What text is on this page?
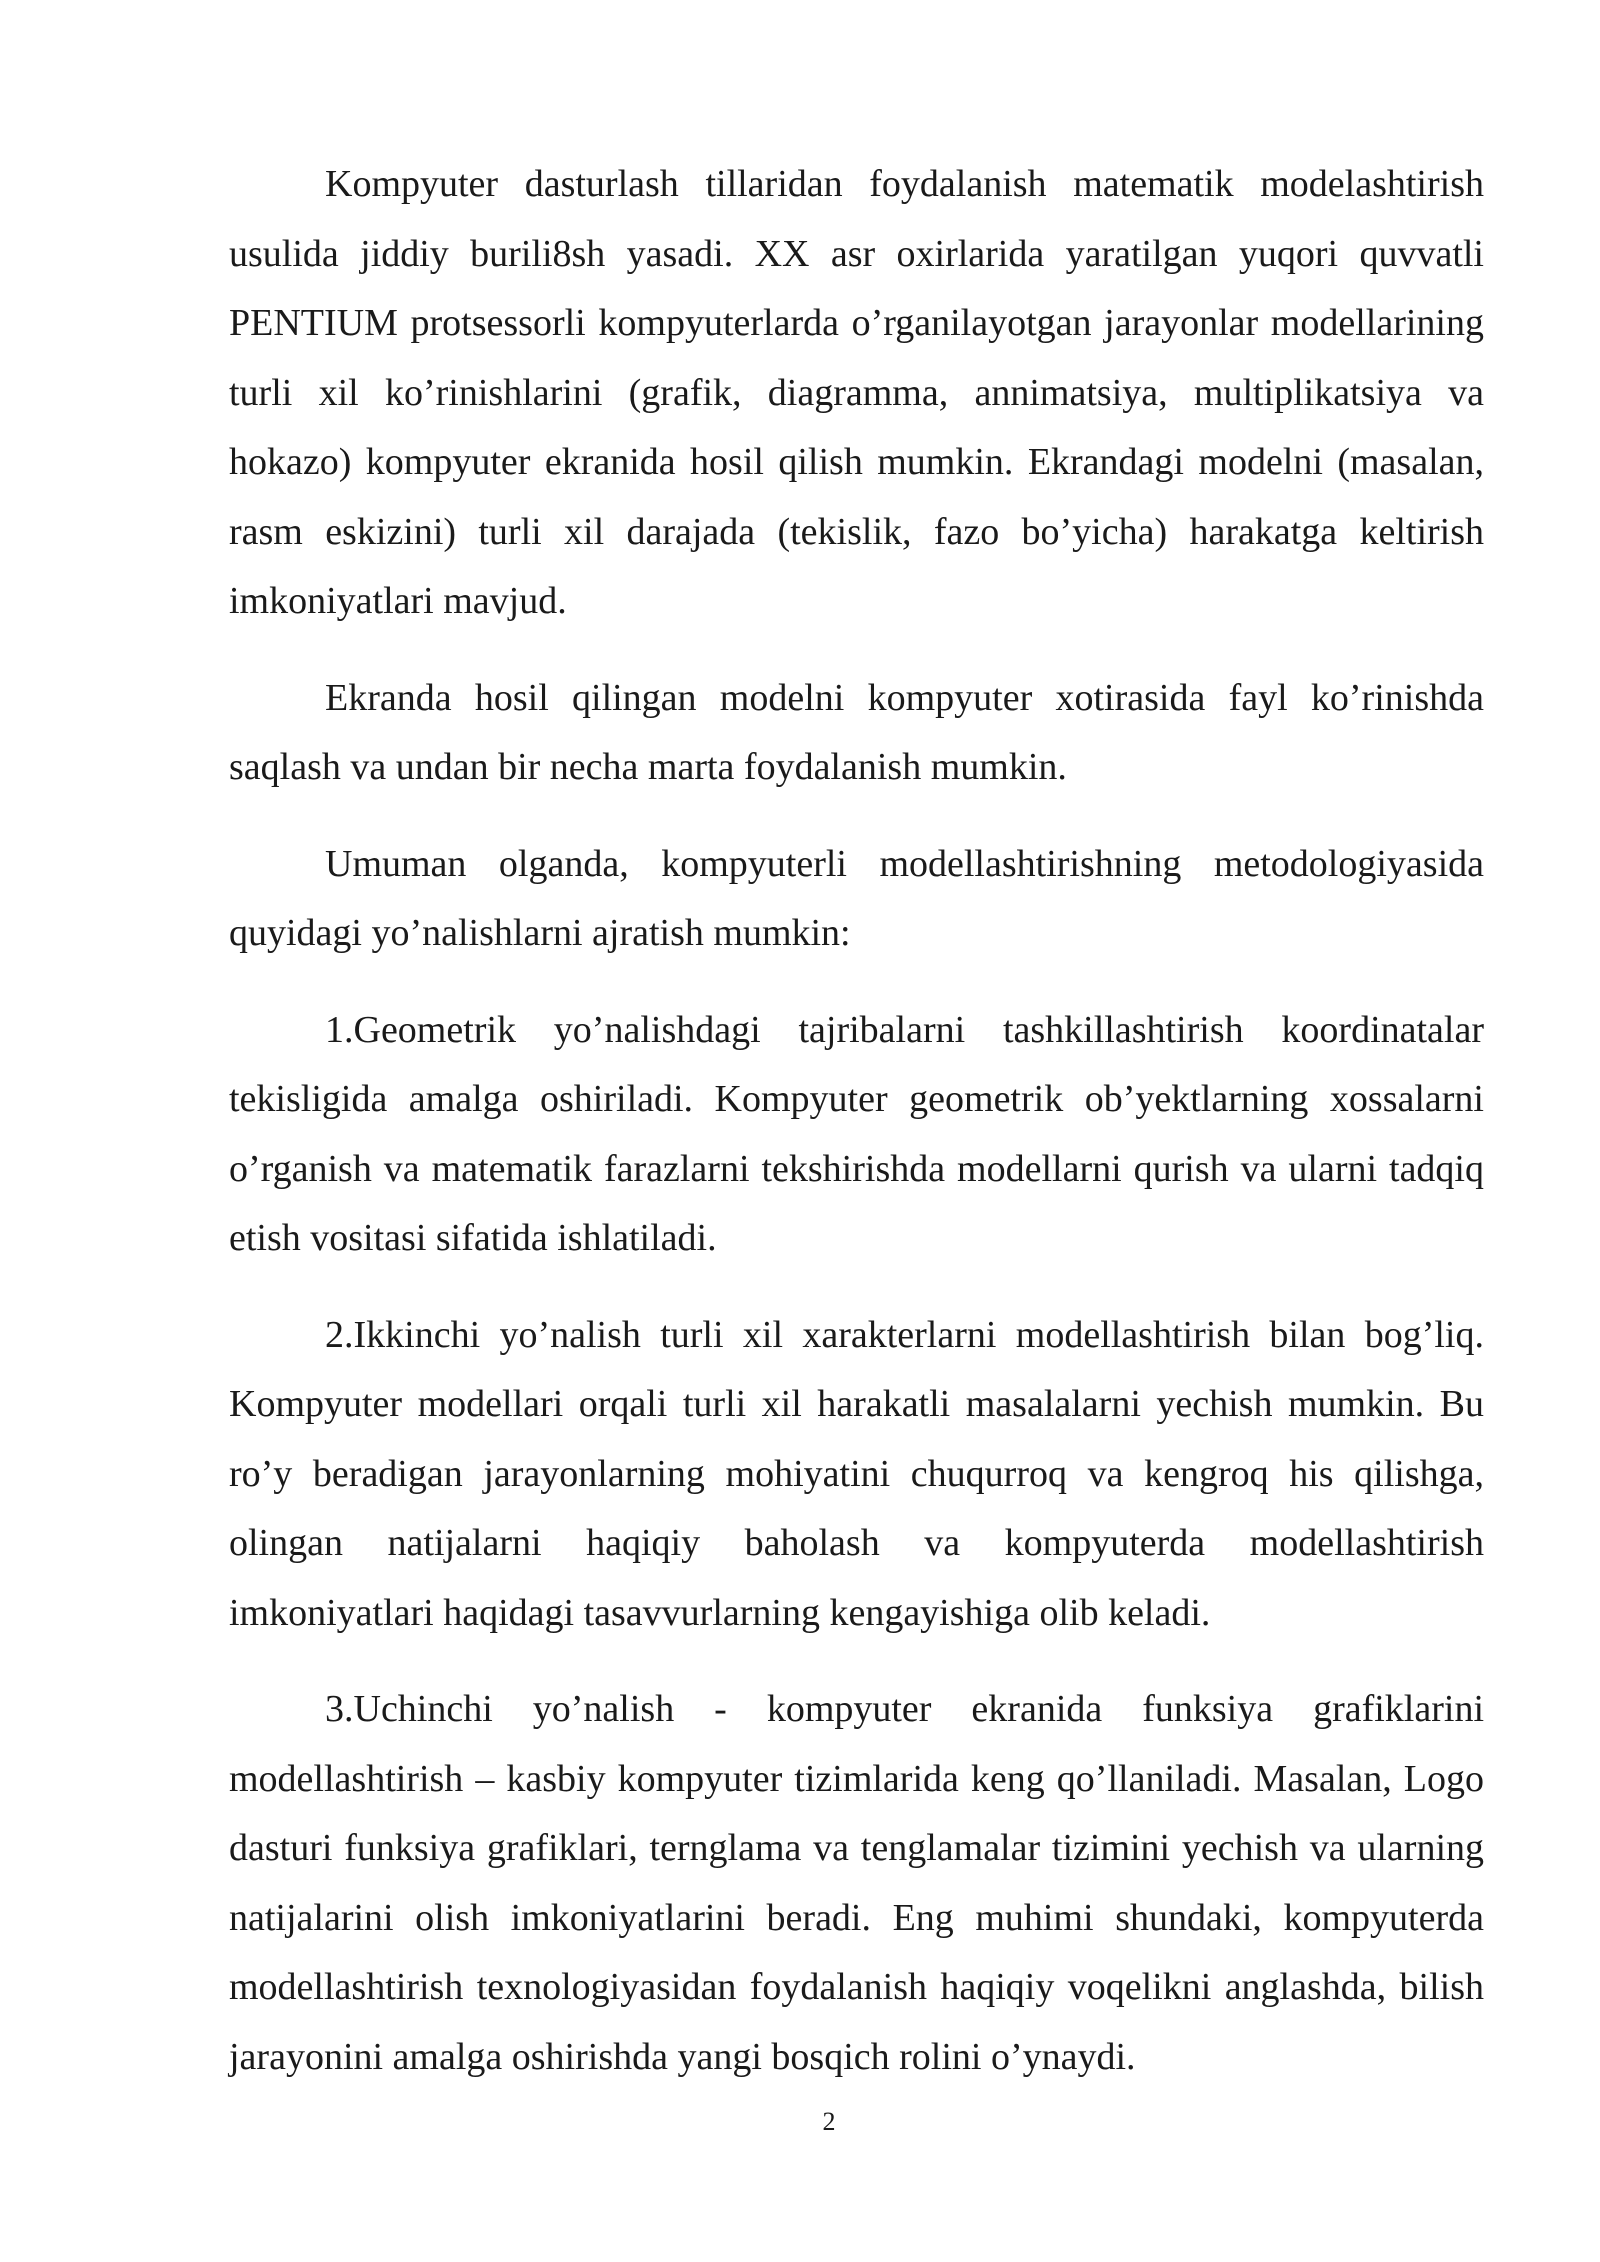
Kompyuter dasturlash tillaridan foydalanish matematik modelashtirish usulida jiddiy burili8sh yasadi. XX asr oxirlarida yaratilgan yuqori quvvatli PENTIUM protsessorli kompyuterlarda o’rganilayotgan jarayonlar modellarining turli xil ko’rinishlarini (grafik, diagramma, annimatsiya, multiplikatsiya va hokazo) kompyuter ekranida hosil qilish mumkin. Ekrandagi modelni (masalan, rasm eskizini) turli xil darajada (tekislik, fazo bo’yicha) harakatga keltirish imkoniyatlari mavjud.

Ekranda hosil qilingan modelni kompyuter xotirasida fayl ko’rinishda saqlash va undan bir necha marta foydalanish mumkin.

Umuman olganda, kompyuterli modellashtirishning metodologiyasida quyidagi yo’nalishlarni ajratish mumkin:

1.Geometrik yo’nalishdagi tajribalarni tashkillashtirish koordinatalar tekisligida amalga oshiriladi. Kompyuter geometrik ob’yektlarning xossalarni o’rganish va matematik farazlarni tekshirishda modellarni qurish va ularni tadqiq etish vositasi sifatida ishlatiladi.

2.Ikkinchi yo’nalish turli xil xarakterlarni modellashtirish bilan bog’liq. Kompyuter modellari orqali turli xil harakatli masalalarni yechish mumkin. Bu ro’y beradigan jarayonlarning mohiyatini chuqurroq va kengroq his qilishga, olingan natijalarni haqiqiy baholash va kompyuterda modellashtirish imkoniyatlari haqidagi tasavvurlarning kengayishiga olib keladi.

3.Uchinchi yo’nalish - kompyuter ekranida funksiya grafiklarini modellashtirish – kasbiy kompyuter tizimlarida keng qo’llaniladi. Masalan, Logo dasturi funksiya grafiklari, ternglama va tenglamalar tizimini yechish va ularning natijalarini olish imkoniyatlarini beradi. Eng muhimi shundaki, kompyuterda modellashtirish texnologiyasidan foydalanish haqiqiy voqelikni anglashda, bilish jarayonini amalga oshirishda yangi bosqich rolini o’ynaydi.

2
